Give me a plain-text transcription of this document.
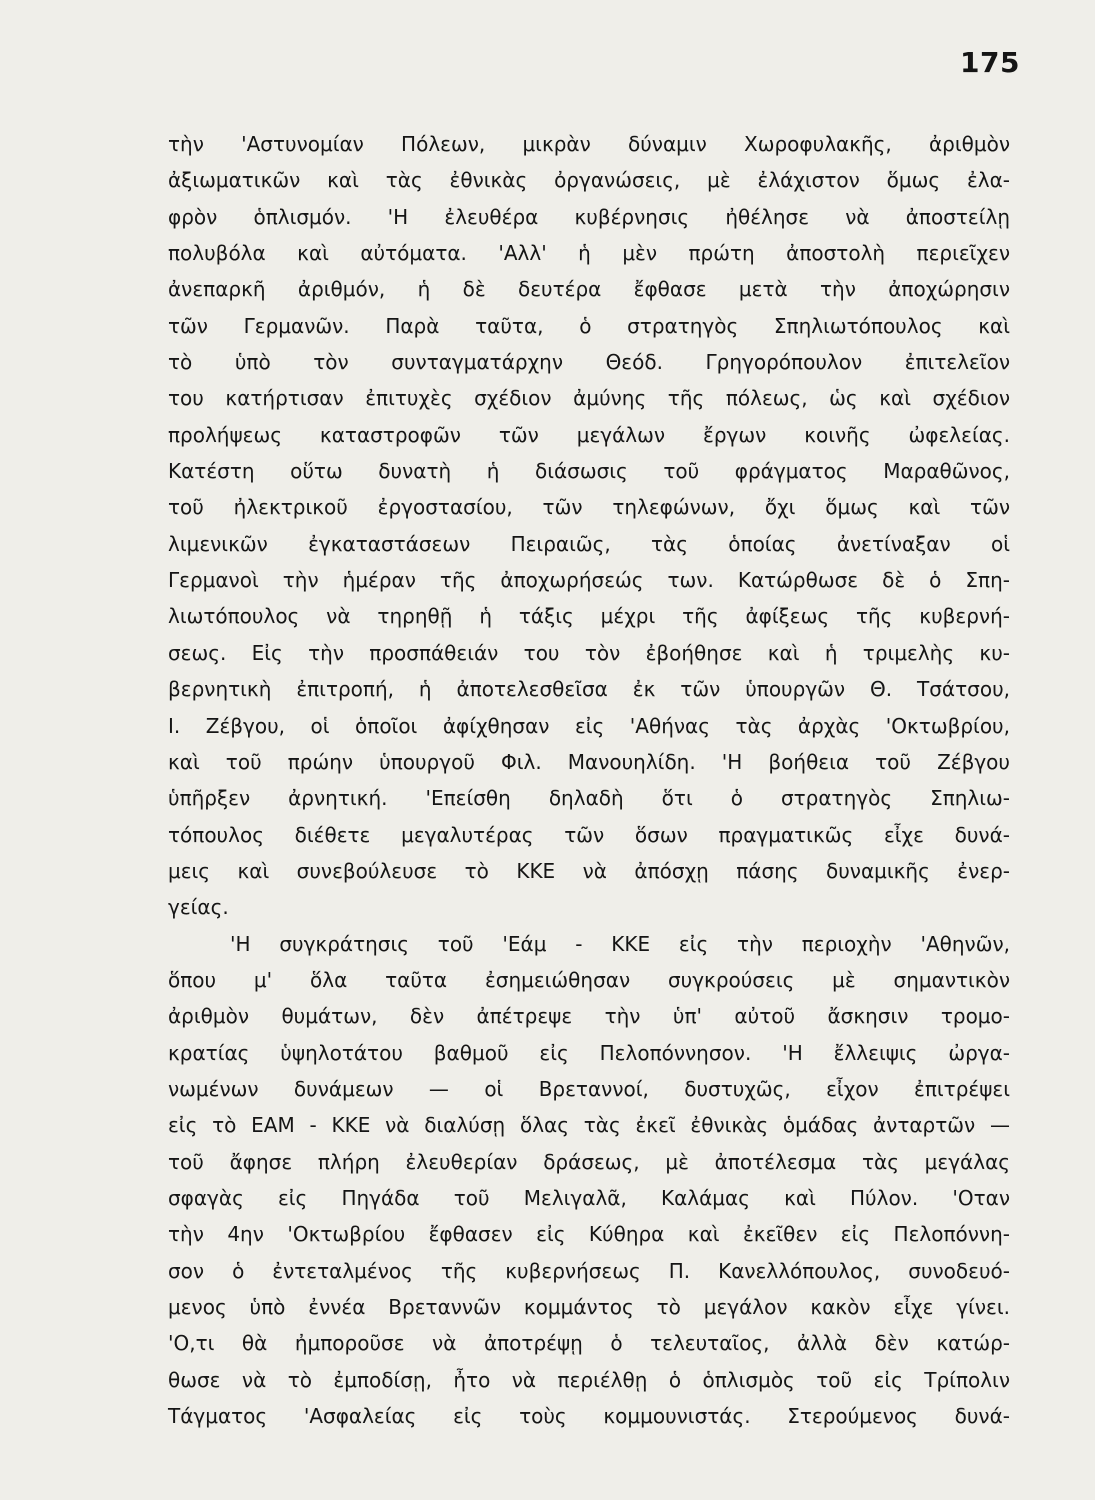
175
τὴν 'Αστυνομίαν Πόλεων, μικρὰν δύναμιν Χωροφυλακῆς, ἀριθμὸν
ἀξιωματικῶν καὶ τὰς ἐθνικὰς ὀργανώσεις, μὲ ἐλάχιστον ὅμως ἐλα-
φρὸν ὁπλισμόν. 'Η ἐλευθέρα κυβέρνησις ἠθέλησε νὰ ἀποστείλῃ
πολυβόλα καὶ αὐτόματα. 'Αλλ' ἡ μὲν πρώτη ἀποστολὴ περιεῖχεν
ἀνεπαρκῆ ἀριθμόν, ἡ δὲ δευτέρα ἔφθασε μετὰ τὴν ἀποχώρησιν
τῶν Γερμανῶν. Παρὰ ταῦτα, ὁ στρατηγὸς Σπηλιωτόπουλος καὶ
τὸ ὑπὸ τὸν συνταγματάρχην Θεόδ. Γρηγορόπουλον ἐπιτελεῖον
του κατήρτισαν ἐπιτυχὲς σχέδιον ἀμύνης τῆς πόλεως, ὡς καὶ σχέδιον
προλήψεως καταστροφῶν τῶν μεγάλων ἔργων κοινῆς ὠφελείας.
Κατέστη οὕτω δυνατὴ ἡ διάσωσις τοῦ φράγματος Μαραθῶνος,
τοῦ ἠλεκτρικοῦ ἐργοστασίου, τῶν τηλεφώνων, ὄχι ὅμως καὶ τῶν
λιμενικῶν ἐγκαταστάσεων Πειραιῶς, τὰς ὁποίας ἀνετίναξαν οἱ
Γερμανοὶ τὴν ἡμέραν τῆς ἀποχωρήσεώς των. Κατώρθωσε δὲ ὁ Σπη-
λιωτόπουλος νὰ τηρηθῇ ἡ τάξις μέχρι τῆς ἀφίξεως τῆς κυβερνή-
σεως. Εἰς τὴν προσπάθειάν του τὸν ἐβοήθησε καὶ ἡ τριμελὴς κυ-
βερνητικὴ ἐπιτροπή, ἡ ἀποτελεσθεῖσα ἐκ τῶν ὑπουργῶν Θ. Τσάτσου,
Ι. Ζέβγου, οἱ ὁποῖοι ἀφίχθησαν εἰς 'Αθήνας τὰς ἀρχὰς 'Οκτωβρίου,
καὶ τοῦ πρώην ὑπουργοῦ Φιλ. Μανουηλίδη. 'Η βοήθεια τοῦ Ζέβγου
ὑπῆρξεν ἀρνητική. 'Επείσθη δηλαδὴ ὅτι ὁ στρατηγὸς Σπηλιω-
τόπουλος διέθετε μεγαλυτέρας τῶν ὅσων πραγματικῶς εἶχε δυνά-
μεις καὶ συνεβούλευσε τὸ ΚΚΕ νὰ ἀπόσχῃ πάσης δυναμικῆς ἐνερ-
γείας.
'Η συγκράτησις τοῦ 'Εάμ - ΚΚΕ εἰς τὴν περιοχὴν 'Αθηνῶν,
ὅπου μ' ὅλα ταῦτα ἐσημειώθησαν συγκρούσεις μὲ σημαντικὸν
ἀριθμὸν θυμάτων, δὲν ἀπέτρεψε τὴν ὑπ' αὐτοῦ ἄσκησιν τρομο-
κρατίας ὑψηλοτάτου βαθμοῦ εἰς Πελοπόννησον. 'Η ἔλλειψις ὠργα-
νωμένων δυνάμεων — οἱ Βρεταννοί, δυστυχῶς, εἶχον ἐπιτρέψει
εἰς τὸ ΕΑΜ - ΚΚΕ νὰ διαλύσῃ ὅλας τὰς ἐκεῖ ἐθνικὰς ὁμάδας ἀνταρτῶν —
τοῦ ἄφησε πλήρη ἐλευθερίαν δράσεως, μὲ ἀποτέλεσμα τὰς μεγάλας
σφαγὰς εἰς Πηγάδα τοῦ Μελιγαλᾶ, Καλάμας καὶ Πύλον. 'Οταν
τὴν 4ην 'Οκτωβρίου ἔφθασεν εἰς Κύθηρα καὶ ἐκεῖθεν εἰς Πελοπόννη-
σον ὁ ἐντεταλμένος τῆς κυβερνήσεως Π. Κανελλόπουλος, συνοδευό-
μενος ὑπὸ ἐννέα Βρεταννῶν κομμάντος τὸ μεγάλον κακὸν εἶχε γίνει.
'Ο,τι θὰ ἠμποροῦσε νὰ ἀποτρέψῃ ὁ τελευταῖος, ἀλλὰ δὲν κατώρ-
θωσε νὰ τὸ ἐμποδίσῃ, ἦτο νὰ περιέλθῃ ὁ ὁπλισμὸς τοῦ εἰς Τρίπολιν
Τάγματος 'Ασφαλείας εἰς τοὺς κομμουνιστάς. Στερούμενος δυνά-
